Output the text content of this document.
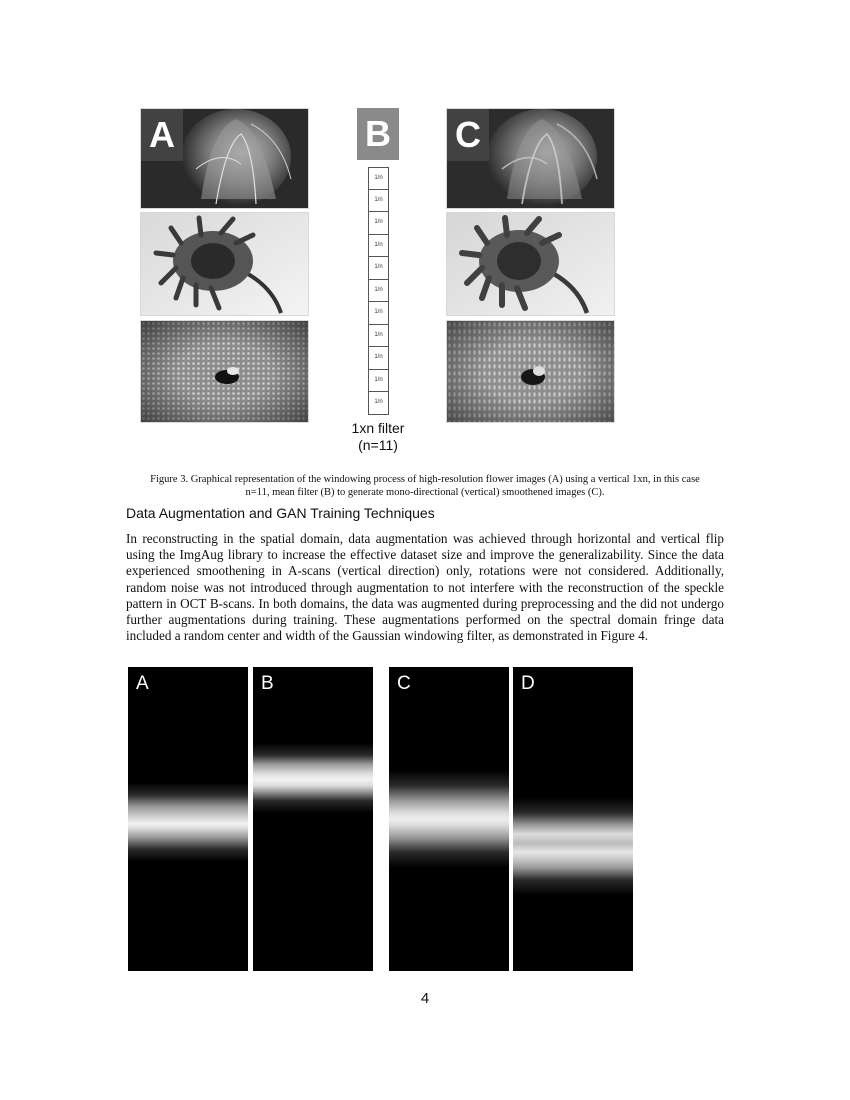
A	B
1/n
1/n
1/n
1/n
1/n
1/n
1/n
1/n
1/n
1/n
1/n
1xn filter
(n=11)
C
Figure 3. Graphical representation of the windowing process of high-resolution flower images (A) using a vertical 1xn, in this case
n=11, mean filter (B) to generate mono-directional (vertical) smoothened images (C).
Data Augmentation and GAN Training Techniques

In reconstructing in the spatial domain, data augmentation was achieved through horizontal and vertical flip using the ImgAug library to increase the effective dataset size and improve the generalizability. Since the data experienced smoothening in A-scans (vertical direction) only, rotations were not considered. Additionally, random noise was not introduced through augmentation to not interfere with the reconstruction of the speckle pattern in OCT B-scans. In both domains, the data was augmented during preprocessing and the did not undergo further augmentations during training. These augmentations performed on the spectral domain fringe data included a random center and width of the Gaussian windowing filter, as demonstrated in Figure 4.

A	B	C	D
4
